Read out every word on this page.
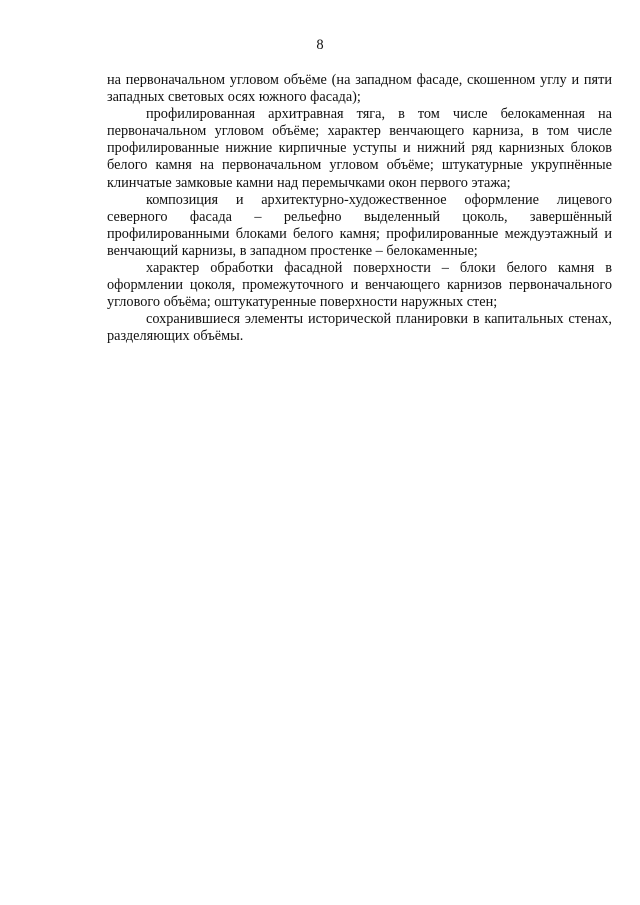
8

на первоначальном угловом объёме (на западном фасаде, скошенном углу и пяти западных световых осях южного фасада);

профилированная архитравная тяга, в том числе белокаменная на первоначальном угловом объёме; характер венчающего карниза, в том числе профилированные нижние кирпичные уступы и нижний ряд карнизных блоков белого камня на первоначальном угловом объёме; штукатурные укрупнённые клинчатые замковые камни над перемычками окон первого этажа;

композиция и архитектурно-художественное оформление лицевого северного фасада – рельефно выделенный цоколь, завершённый профилированными блоками белого камня; профилированные междуэтажный и венчающий карнизы, в западном простенке – белокаменные;

характер обработки фасадной поверхности – блоки белого камня в оформлении цоколя, промежуточного и венчающего карнизов первоначального углового объёма; оштукатуренные поверхности наружных стен;

сохранившиеся элементы исторической планировки в капитальных стенах, разделяющих объёмы.
